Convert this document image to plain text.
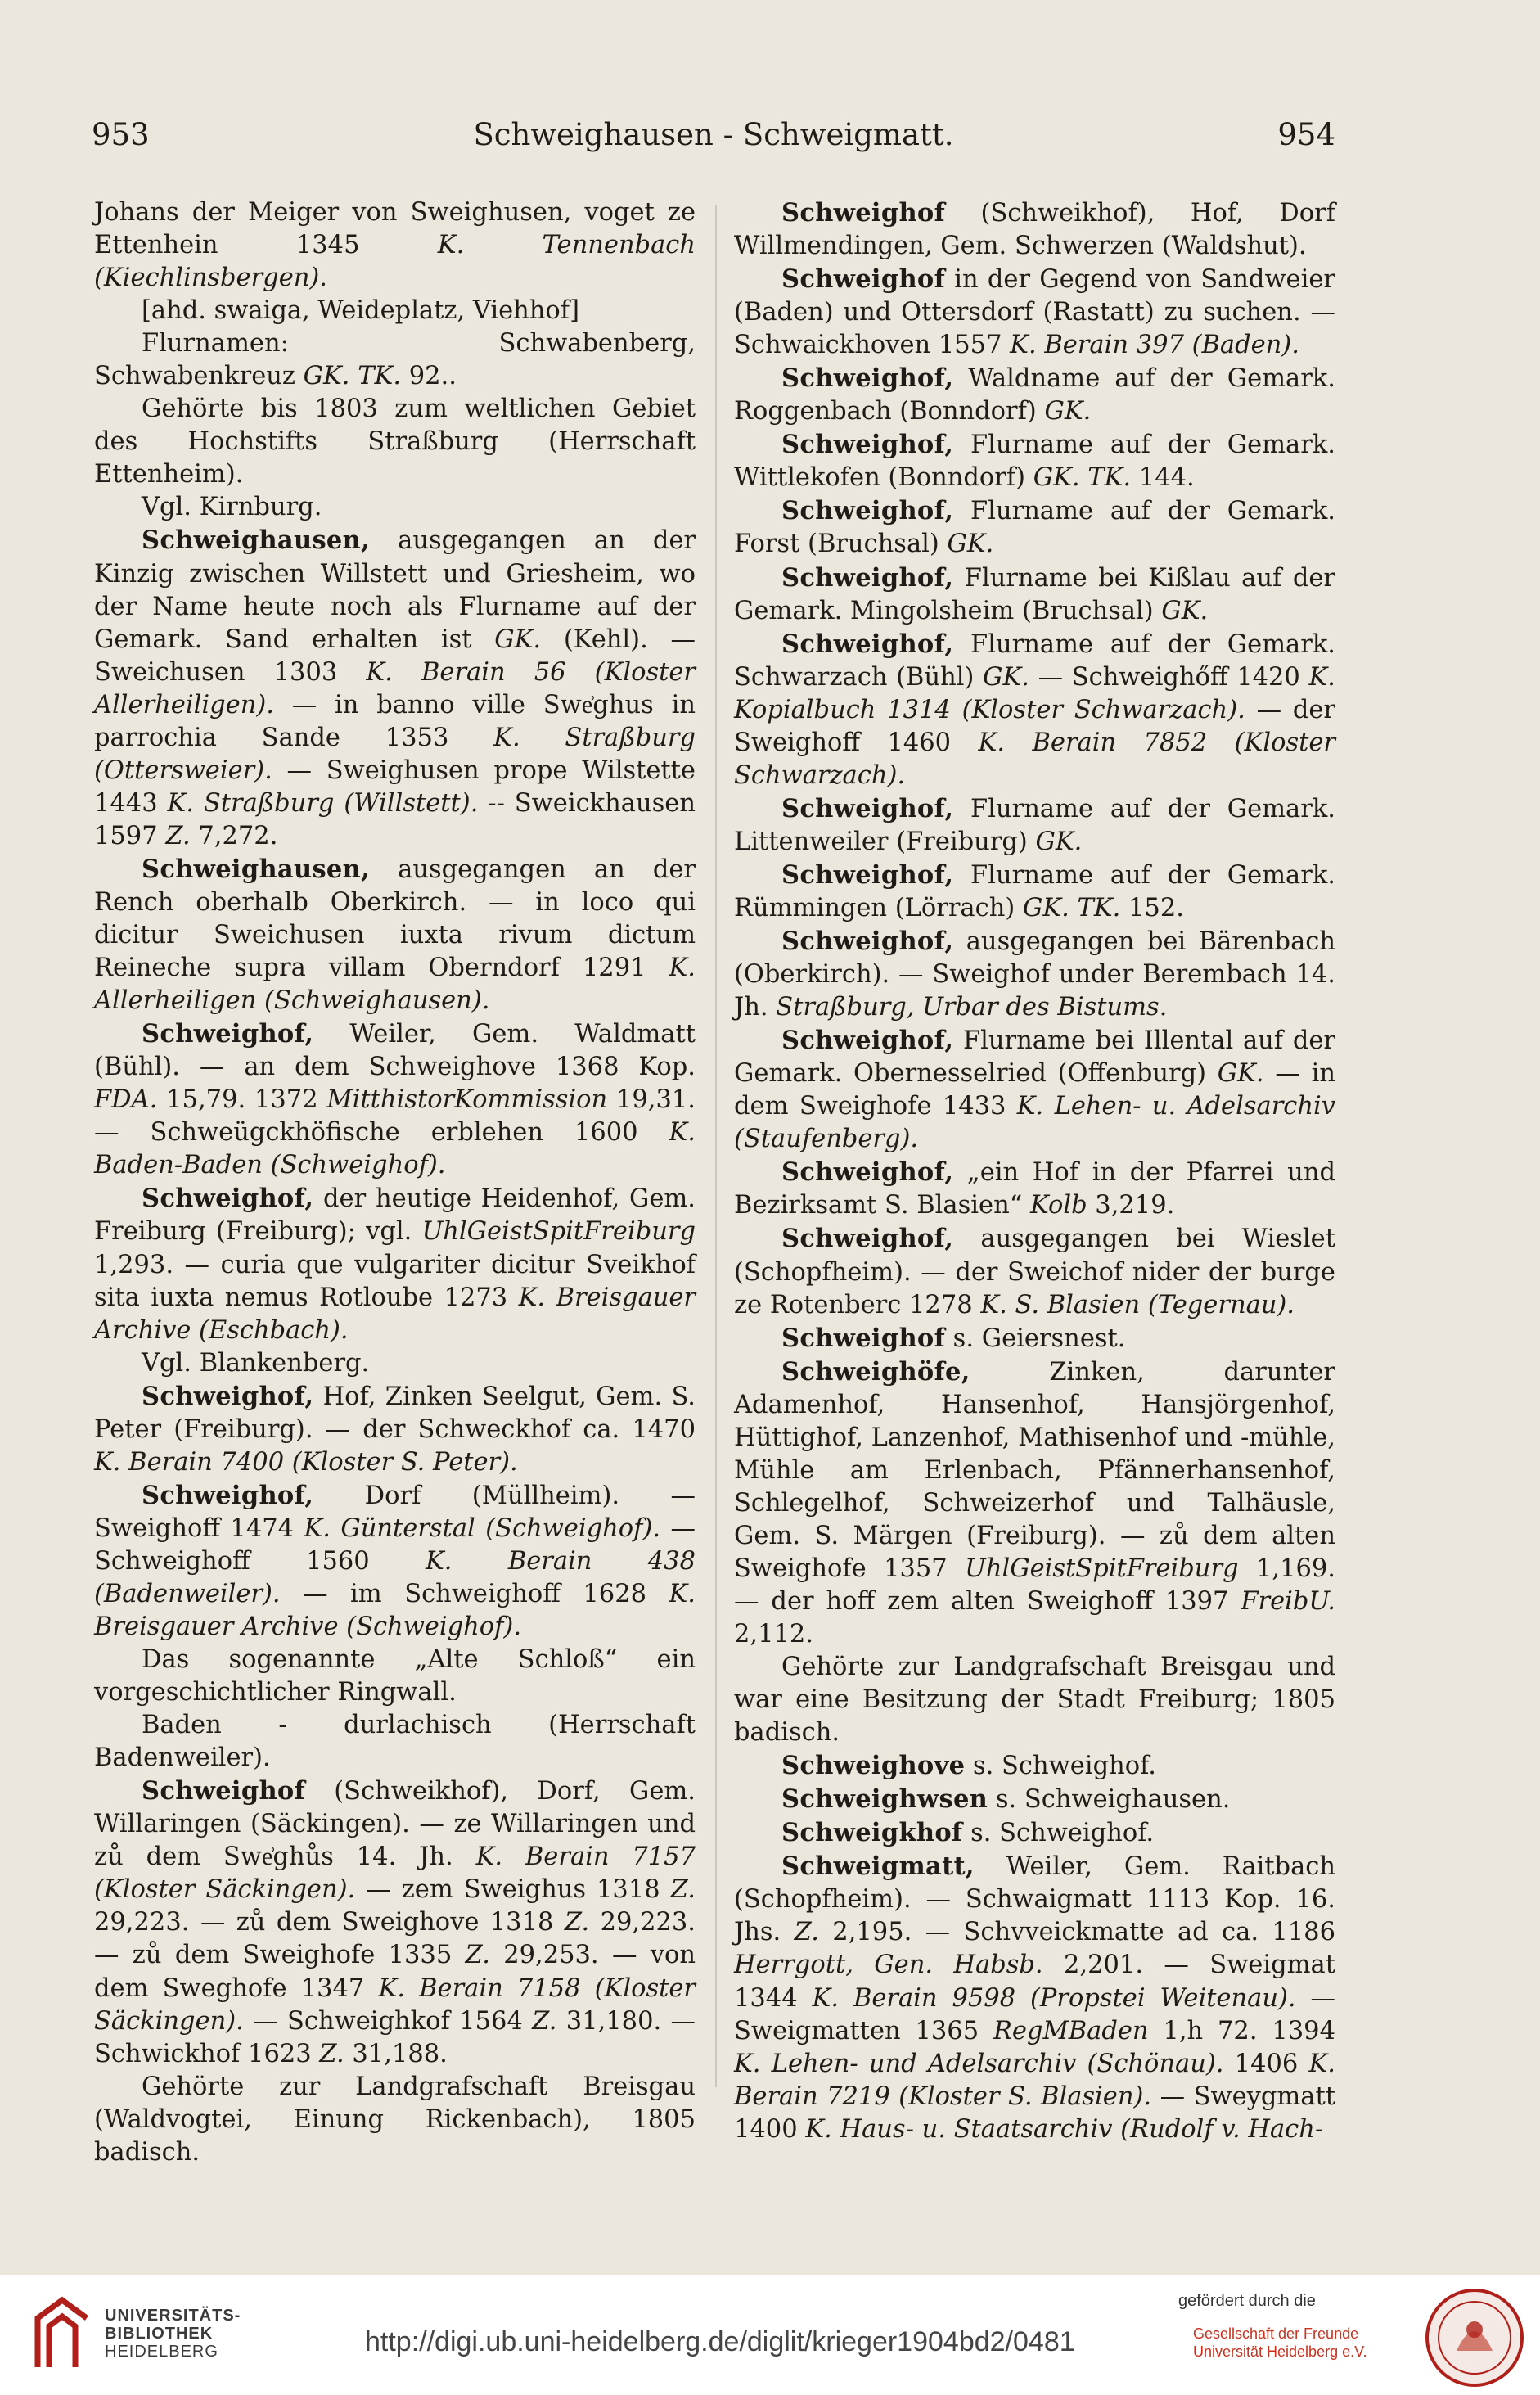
953	Schweighausen - Schweigmatt.	954

Johans der Meiger von Sweighusen, voget ze Ettenhein 1345 K. Tennenbach (Kiechlinsbergen).

[ahd. swaiga, Weideplatz, Viehhof]

Flurnamen: Schwabenberg, Schwabenkreuz GK. TK. 92..

Gehörte bis 1803 zum weltlichen Gebiet des Hochstifts Straßburg (Herrschaft Ettenheim).

Vgl. Kirnburg.

Schweighausen, ausgegangen an der Kinzig zwischen Willstett und Griesheim, wo der Name heute noch als Flurname auf der Gemark. Sand erhalten ist GK. (Kehl). — Sweichusen 1303 K. Berain 56 (Kloster Allerheiligen). — in banno ville Swe͗ghus in parrochia Sande 1353 K. Straßburg (Ottersweier). — Sweighusen prope Wilstette 1443 K. Straßburg (Willstett). -- Sweickhausen 1597 Z. 7,272.

Schweighausen, ausgegangen an der Rench oberhalb Oberkirch. — in loco qui dicitur Sweichusen iuxta rivum dictum Reineche supra villam Oberndorf 1291 K. Allerheiligen (Schweighausen).

Schweighof, Weiler, Gem. Waldmatt (Bühl). — an dem Schweighove 1368 Kop. FDA. 15,79. 1372 MitthistorKommission 19,31. — Schweügckhöfische erblehen 1600 K. Baden-Baden (Schweighof).

Schweighof, der heutige Heidenhof, Gem. Freiburg (Freiburg); vgl. UhlGeistSpitFreiburg 1,293. — curia que vulgariter dicitur Sveikhof sita iuxta nemus Rotloube 1273 K. Breisgauer Archive (Eschbach).

Vgl. Blankenberg.

Schweighof, Hof, Zinken Seelgut, Gem. S. Peter (Freiburg). — der Schweckhof ca. 1470 K. Berain 7400 (Kloster S. Peter).

Schweighof, Dorf (Müllheim). — Sweighoff 1474 K. Günterstal (Schweighof). — Schweighoff 1560 K. Berain 438 (Badenweiler). — im Schweighoff 1628 K. Breisgauer Archive (Schweighof).

Das sogenannte „Alte Schloß“ ein vorgeschichtlicher Ringwall.

Baden - durlachisch (Herrschaft Badenweiler).

Schweighof (Schweikhof), Dorf, Gem. Willaringen (Säckingen). — ze Willaringen und zů dem Swe͗ghůs 14. Jh. K. Berain 7157 (Kloster Säckingen). — zem Sweighus 1318 Z. 29,223. — zů dem Sweighove 1318 Z. 29,223. — zů dem Sweighofe 1335 Z. 29,253. — von dem Sweghofe 1347 K. Berain 7158 (Kloster Säckingen). — Schweighkof 1564 Z. 31,180. — Schwickhof 1623 Z. 31,188.

Gehörte zur Landgrafschaft Breisgau (Waldvogtei, Einung Rickenbach), 1805 badisch.

Schweighof (Schweikhof), Hof, Dorf Willmendingen, Gem. Schwerzen (Waldshut).

Schweighof in der Gegend von Sandweier (Baden) und Ottersdorf (Rastatt) zu suchen. — Schwaickhoven 1557 K. Berain 397 (Baden).

Schweighof, Waldname auf der Gemark. Roggenbach (Bonndorf) GK.

Schweighof, Flurname auf der Gemark. Wittlekofen (Bonndorf) GK. TK. 144.

Schweighof, Flurname auf der Gemark. Forst (Bruchsal) GK.

Schweighof, Flurname bei Kißlau auf der Gemark. Mingolsheim (Bruchsal) GK.

Schweighof, Flurname auf der Gemark. Schwarzach (Bühl) GK. — Schweighőff 1420 K. Kopialbuch 1314 (Kloster Schwarzach). — der Sweighoff 1460 K. Berain 7852 (Kloster Schwarzach).

Schweighof, Flurname auf der Gemark. Littenweiler (Freiburg) GK.

Schweighof, Flurname auf der Gemark. Rümmingen (Lörrach) GK. TK. 152.

Schweighof, ausgegangen bei Bärenbach (Oberkirch). — Sweighof under Berembach 14. Jh. Straßburg, Urbar des Bistums.

Schweighof, Flurname bei Illental auf der Gemark. Obernesselried (Offenburg) GK. — in dem Sweighofe 1433 K. Lehen- u. Adelsarchiv (Staufenberg).

Schweighof, „ein Hof in der Pfarrei und Bezirksamt S. Blasien“ Kolb 3,219.

Schweighof, ausgegangen bei Wieslet (Schopfheim). — der Sweichof nider der burge ze Rotenberc 1278 K. S. Blasien (Tegernau).

Schweighof s. Geiersnest.

Schweighöfe, Zinken, darunter Adamenhof, Hansenhof, Hansjörgenhof, Hüttighof, Lanzenhof, Mathisenhof und -mühle, Mühle am Erlenbach, Pfännerhansenhof, Schlegelhof, Schweizerhof und Talhäusle, Gem. S. Märgen (Freiburg). — zů dem alten Sweighofe 1357 UhlGeistSpitFreiburg 1,169. — der hoff zem alten Sweighoff 1397 FreibU. 2,112.

Gehörte zur Landgrafschaft Breisgau und war eine Besitzung der Stadt Freiburg; 1805 badisch.

Schweighove s. Schweighof.

Schweighwsen s. Schweighausen.

Schweigkhof s. Schweighof.

Schweigmatt, Weiler, Gem. Raitbach (Schopfheim). — Schwaigmatt 1113 Kop. 16. Jhs. Z. 2,195. — Schvveickmatte ad ca. 1186 Herrgott, Gen. Habsb. 2,201. — Sweigmat 1344 K. Berain 9598 (Propstei Weitenau). — Sweigmatten 1365 RegMBaden 1,h 72. 1394 K. Lehen- und Adelsarchiv (Schönau). 1406 K. Berain 7219 (Kloster S. Blasien). — Sweygmatt 1400 K. Haus- u. Staatsarchiv (Rudolf v. Hach-

UNIVERSITÄTS-
BIBLIOTHEK
HEIDELBERG	http://digi.ub.uni-heidelberg.de/diglit/krieger1904bd2/0481
gefördert durch die
Gesellschaft der Freunde
Universität Heidelberg e.V.
